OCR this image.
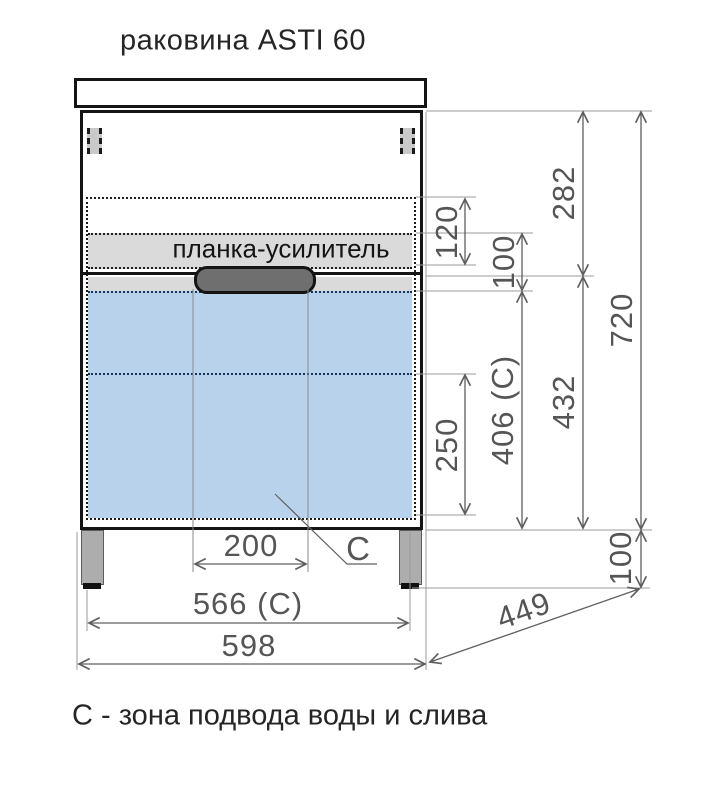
раковина ASTI 60
планка-усилитель 120
100
282
720
250 406 (C) 432
100
200
566 (C)
598
449
C
С - зона подвода воды и слива
